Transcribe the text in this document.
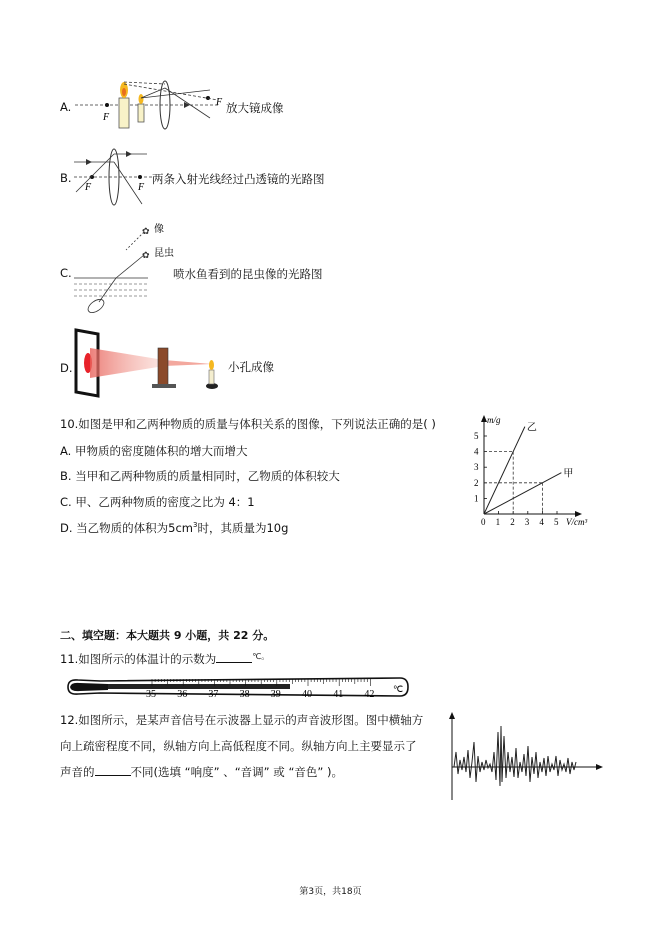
A.
F
F 放大镜成像
B.
F	F
两条入射光线经过凸透镜的光路图
C.
✿
✿
像
昆虫
喷水鱼看到的昆虫像的光路图
D.	小孔成像
10.如图是甲和乙两种物质的质量与体积关系的图像，下列说法正确的是( )
A. 甲物质的密度随体积的增大而增大
B. 当甲和乙两种物质的质量相同时，乙物质的体积较大
C. 甲、乙两种物质的密度之比为 4：1
D. 当乙物质的体积为$5cm^3$时，其质量为10g	0 1 2 3 4 5
1
2
3
4
5
乙
甲
m/g
V/cm³
二、填空题：本大题共 9 小题，共 22 分。
11.如图所示的体温计的示数为	℃。
35 36 37 38 39 40 41 42 ℃
12.如图所示，是某声音信号在示波器上显示的声音波形图。图中横轴方
向上疏密程度不同，纵轴方向上高低程度不同。纵轴方向上主要显示了
声音的	不同(选填 “响度” 、“音调” 或 “音色” )。
第3页，共18页
